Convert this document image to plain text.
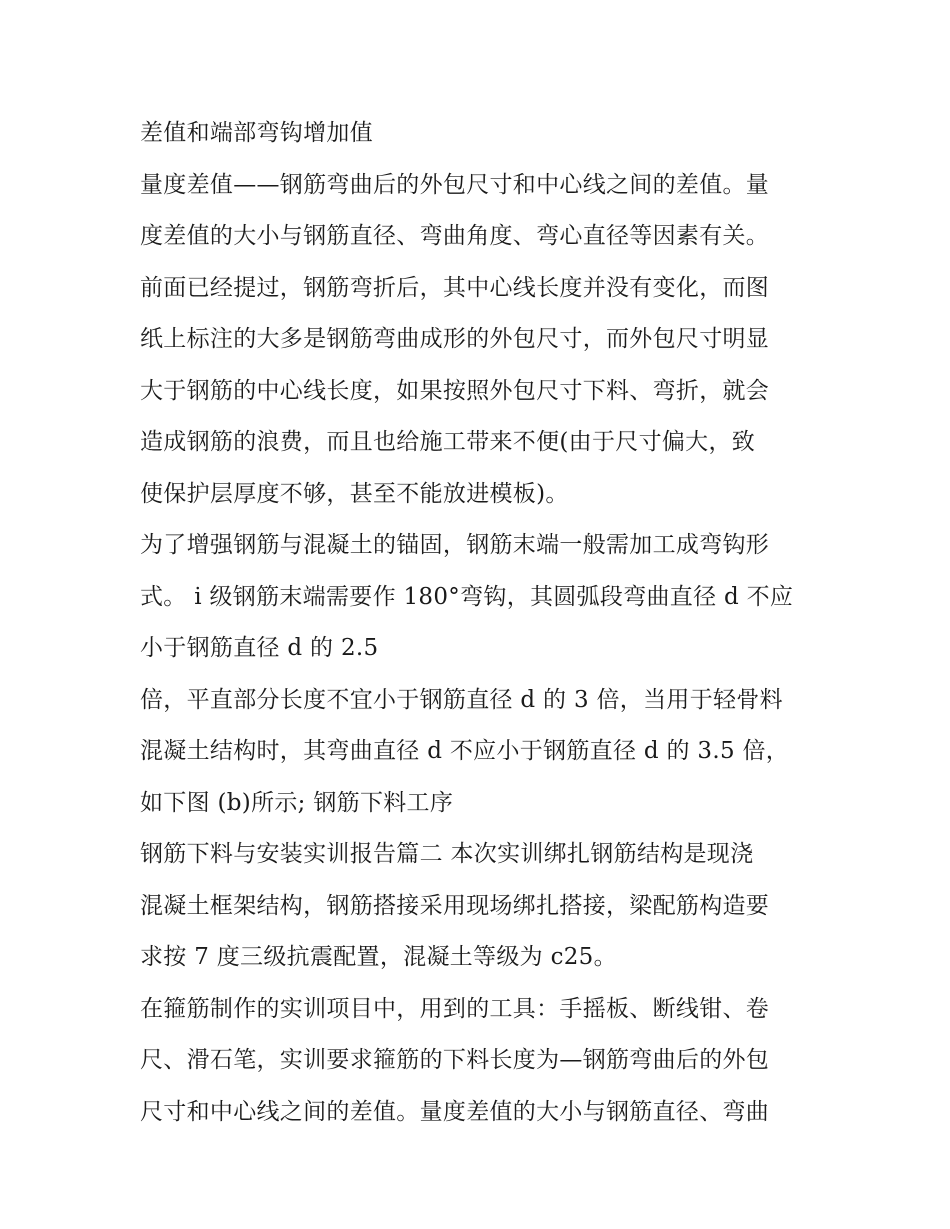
差值和端部弯钩增加值
量度差值——钢筋弯曲后的外包尺寸和中心线之间的差值。量
度差值的大小与钢筋直径、弯曲角度、弯心直径等因素有关。
前面已经提过，钢筋弯折后，其中心线长度并没有变化，而图
纸上标注的大多是钢筋弯曲成形的外包尺寸，而外包尺寸明显
大于钢筋的中心线长度，如果按照外包尺寸下料、弯折，就会
造成钢筋的浪费，而且也给施工带来不便(由于尺寸偏大，致
使保护层厚度不够，甚至不能放进模板)。
为了增强钢筋与混凝土的锚固，钢筋末端一般需加工成弯钩形
式。 i 级钢筋末端需要作 180°弯钩，其圆弧段弯曲直径 d 不应
小于钢筋直径 d 的 2.5
倍，平直部分长度不宜小于钢筋直径 d 的 3 倍，当用于轻骨料
混凝土结构时，其弯曲直径 d 不应小于钢筋直径 d 的 3.5 倍，
如下图 (b)所示; 钢筋下料工序
钢筋下料与安装实训报告篇二 本次实训绑扎钢筋结构是现浇
混凝土框架结构，钢筋搭接采用现场绑扎搭接，梁配筋构造要
求按 7 度三级抗震配置，混凝土等级为 c25。
在箍筋制作的实训项目中，用到的工具：手摇板、断线钳、卷
尺、滑石笔，实训要求箍筋的下料长度为—钢筋弯曲后的外包
尺寸和中心线之间的差值。量度差值的大小与钢筋直径、弯曲
